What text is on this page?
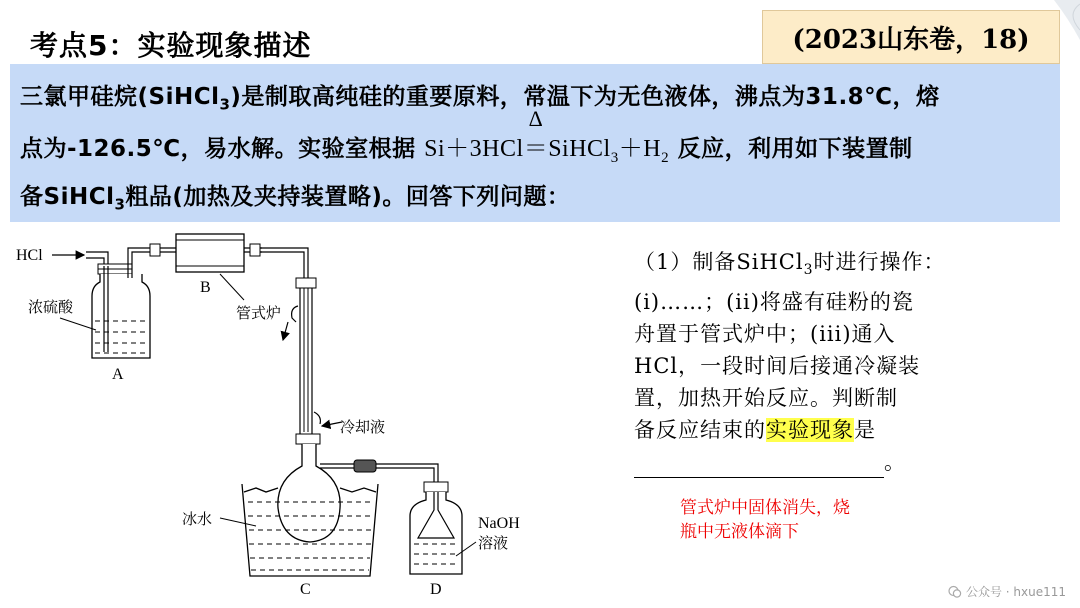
考点5：实验现象描述	(2023山东卷，18)
三氯甲硅烷(SiHCl$_3$)是制取高纯硅的重要原料，常温下为无色液体，沸点为31.8℃，熔
点为-126.5℃，易水解。实验室根据 Si＋3HCl
Δ
$=SiHCl_3+H_2$ 反应，利用如下装置制
备SiHCl$_3$粗品(加热及夹持装置略)。回答下列问题：
HCl
A
浓硫酸
B
管式炉
冷却液
冰水
C
NaOH
溶液
D
（1）制备SiHCl$_3$时进行操作：
(i)……；(ii)将盛有硅粉的瓷
舟置于管式炉中；(iii)通入
HCl，一段时间后接通冷凝装
置，加热开始反应。判断制
备反应结束的实验现象是
。
管式炉中固体消失，烧
瓶中无液体滴下
公众号 · hxue111
